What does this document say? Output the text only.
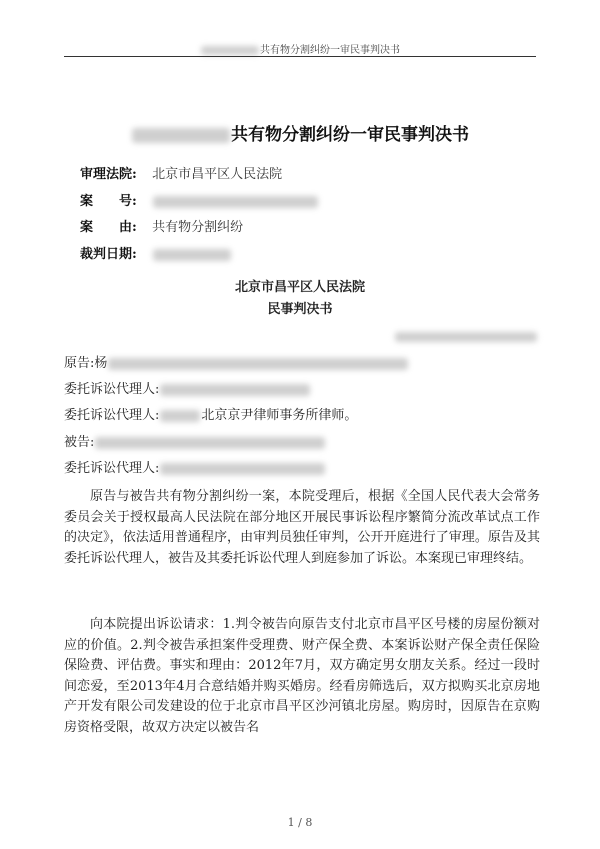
共有物分割纠纷一审民事判决书
共有物分割纠纷一审民事判决书
审理法院: 北京市昌平区人民法院
案　　号:
案　　由: 共有物分割纠纷
裁判日期:
北京市昌平区人民法院
民事判决书
原告:杨
委托诉讼代理人:
委托诉讼代理人:	北京京尹律师事务所律师。
被告:
委托诉讼代理人:

原告与被告共有物分割纠纷一案，本院受理后，根据《全国人民代表大会常务委员会关于授权最高人民法院在部分地区开展民事诉讼程序繁简分流改革试点工作的决定》，依法适用普通程序，由审判员独任审判，公开开庭进行了审理。原告及其委托诉讼代理人，被告及其委托诉讼代理人到庭参加了诉讼。本案现已审理终结。

向本院提出诉讼请求：1.判令被告向原告支付北京市昌平区号楼的房屋份额对应的价值。2.判令被告承担案件受理费、财产保全费、本案诉讼财产保全责任保险保险费、评估费。事实和理由：2012年7月，双方确定男女朋友关系。经过一段时间恋爱，至2013年4月合意结婚并购买婚房。经看房筛选后，双方拟购买北京房地产开发有限公司发建设的位于北京市昌平区沙河镇北房屋。购房时，因原告在京购房资格受限，故双方决定以被告名

1 / 8
